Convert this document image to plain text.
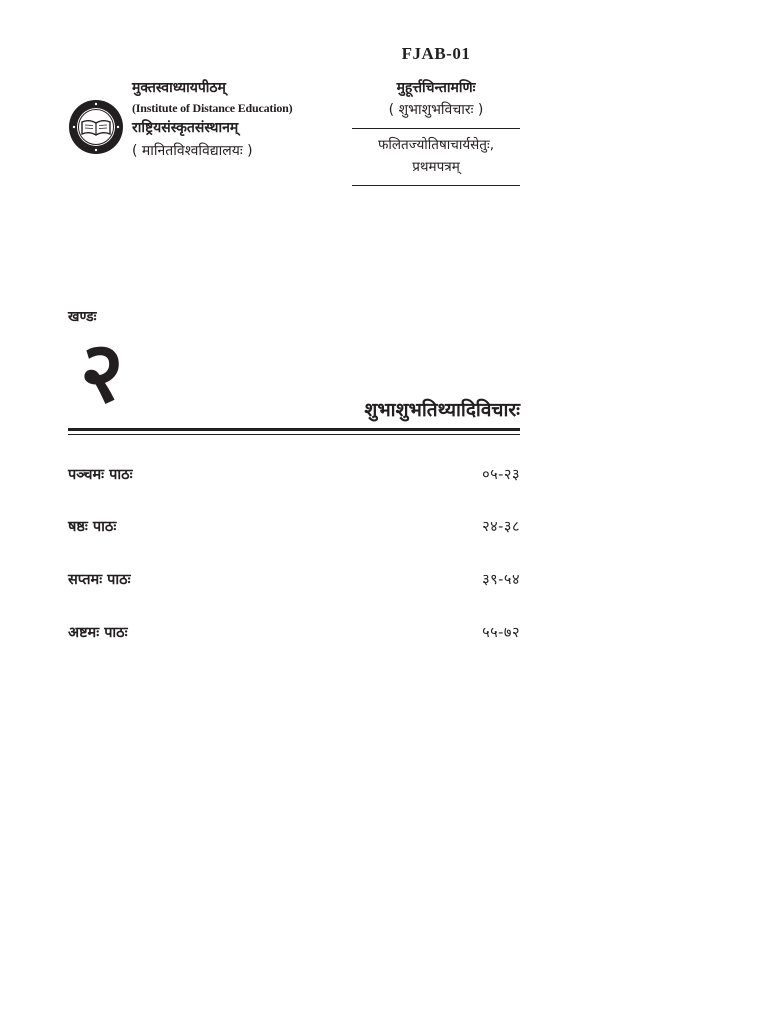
FJAB-01
मुहूर्त्तचिन्तामणिः
( शुभाशुभविचारः )
फलितज्योतिषाचार्यसेतुः,
प्रथमपत्रम्
मुक्तस्वाध्यायपीठम्
(Institute of Distance Education)
राष्ट्रियसंस्कृतसंस्थानम्
( मानितविश्वविद्यालयः )
खण्डः
२	शुभाशुभतिथ्यादिविचारः
पञ्चमः पाठः	०५-२३
षष्ठः पाठः	२४-३८
सप्तमः पाठः	३९-५४
अष्टमः पाठः	५५-७२
